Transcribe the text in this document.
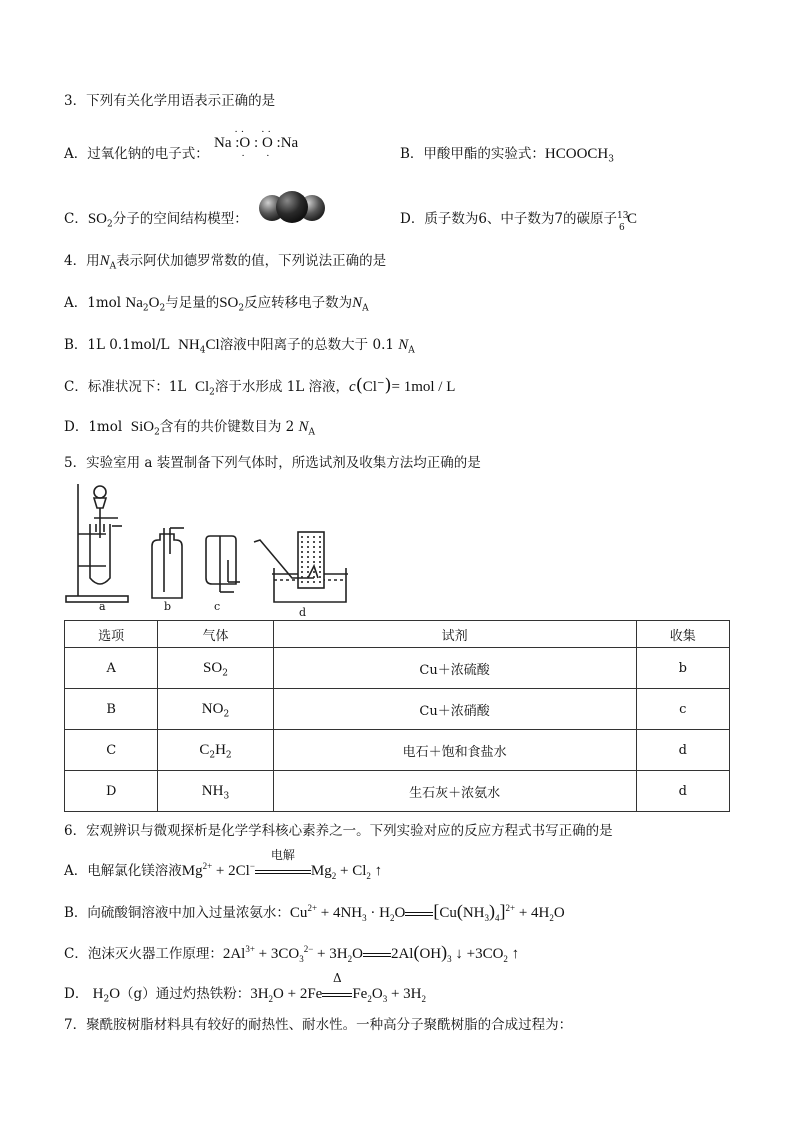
3．下列有关化学用语表示正确的是
A．过氧化钠的电子式：
Na :
· ·
O
·
:
· ·
O
·
:Na
B．甲酸甲酯的实验式：$HCOOCH_3$
C．$SO_2$分子的空间结构模型：	D．质子数为6、中子数为7的碳原子 13
6
C
4．用$N_A$表示阿伏加德罗常数的值，下列说法正确的是
A．1mol $Na_2O_2$与足量的$SO_2$反应转移电子数为$N_A$
B．1L 0.1mol/L $NH_4Cl$溶液中阳离子的总数大于 0.1 $N_A$
C．标准状况下：1L $Cl_2$溶于水形成 1L 溶液，c(Cl−)= 1mol / L
D．1mol SiO$_2$含有的共价键数目为 2 $N_A$
5．实验室用 a 装置制备下列气体时，所选试剂及收集方法均正确的是
a	b	c	d
选项	气体	试剂	收集
A	$SO_2$	Cu＋浓硫酸	b
B	$NO_2$	Cu＋浓硝酸	c
C	$C_2H_2$	电石＋饱和食盐水	d
D	$NH_3$	生石灰＋浓氨水	d
6．宏观辨识与微观探析是化学学科核心素养之一。下列实验对应的反应方程式书写正确的是
A．电解氯化镁溶液$Mg^{2+} + 2Cl^-$
电解
$Mg_2 + Cl_2$ ↑
B．向硫酸铜溶液中加入过量浓氨水：$Cu^{2+} + 4NH_3 \cdot H_2O$ $[Cu(NH_3)_4]^{2+} + 4H_2O$
C．泡沫灭火器工作原理：$2Al^{3+} + 3CO_3^{2-} + 3H_2O$ $2Al(OH)_3$ ↓ $+3CO_2$ ↑
D． $H_2O(g)$通过灼热铁粉：$3H_2O + 2Fe$
Δ
$Fe_2O_3 + 3H_2$
7．聚酰胺树脂材料具有较好的耐热性、耐水性。一种高分子聚酰树脂的合成过程为：
